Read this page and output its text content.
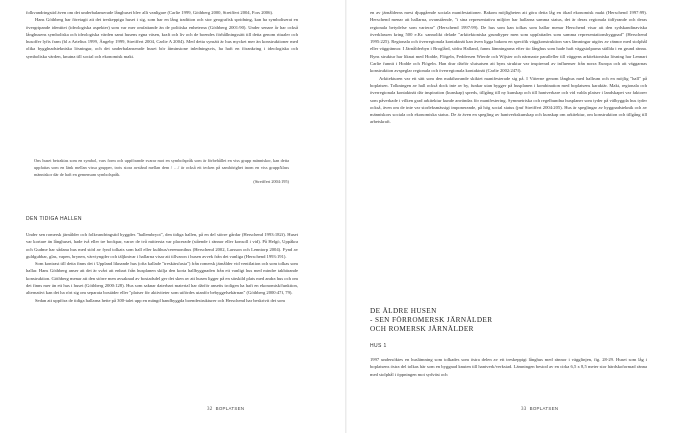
folkvandringstid även om det underbalanserade långhuset blev allt vanligare (Carlie 1999, Göthberg 2000, Streiffert 2004, Fors 2006).

Hans Göthberg har företagit att det treskeppiga huset i sig, som har en lång tradition och stor geografisk spridning, kan ha symboliserat en övergripande identitet (ideologiska aspekter) som var mer omfattande än de politiska enheterna (Göthberg 2001:90). Under senare år har också långhusens symboliska och ideologiska värden samt husens egna väsen, kraft och liv och de boendes förhållningssätt till detta genom ritualer och husoffer lyfts fram (bl a Artelius 1999, Ängeby 1999, Streiffert 2004, Carlie A 2004). Med detta synsätt är hus mycket mer än konstruktioner med olika bygglnadstekniska lösningar, och det underbalanserade huset bör åtminstone inledningsvis, ha haft en förankring i ideologiska och symboliska värden, knutna till social och ekonomisk makt.

Ons huset betraktas som en symbol, vars form och uppförande svarar mot en symbolspråk som är förbehållet en viss grupp människor, kan detta uppfattas som en länk mellan vissa grupper, trots stora avstånd mellan dem / …/ är också ett tecken på samhörighet inom en viss grupp/klass människor där de haft en gemensam symbolspråk.
(Streiffert 2004:195)
DEN TIDIGA HALLEN

Under sen romersk järnålder och folkvandringstid byggdes "hallembryot", den tidiga hallen, på en del större gårdar (Herschend 1993:182f). Huset var kortare än långhuset, hade två eller tre bockpar, varav de två mittersta var placerade (stående i rännor eller konsoll i vid). På Helgö, Uppåkra och Gudme har sådana hus med stöd av fynd tolkats som hall eller kulthus/ceremonihus (Herschend 2002, Larsson och Lenntorp 2004). Fynd av guldgubbar, glas, vapen, brynen, värvtyngder och täljknivar i hallarna visar att tillvaron i husen avvek från det vanliga (Herschend 1993:191).

Som kontrast till detta finns det i Uppland liknande hus (ofta kallade "treskärsfasta") från romersk järnålder vid ventilation och som tolkas som hallar. Hans Göthberg anser att det är svårt att enbart från husplanen skilja den korta hallbyggnaden från ett vanligt hus med mindre takbärande konstruktion. Göthberg menar att den större men avsaknad av bostadsdel ger det sken av att husen ligger på en särskild plats med andra hus och om det finns mer än ett hus i huset (Göthberg 2000:128). Hus som saknar daterbart material har därför ansetts troligen ha haft en ekonomisk/funktion, alternativt kan det ha rört sig om separata bostäder eller "platser för aktiviteter som utfördes utanför bebyggelsekärnan" (Göthberg 2000:47f, 79).

Sedan att uppföra de tidiga hallarna hette på 300-talet upp en mängd handbyggda boendestrukturer och Herschend har beskrivit det som

32 BOPLATSEN

en av järnålderns mest djupgående sociala manifestationer. Bakom möjligheten att göra detta låg en ökad ekonomisk makt (Herschend 1997:99). Herschend menar att hallarna, ovanstående, "i sina representativa miljöer har hallarna samma status, det är deras regionala tidfyrande och deras regionala betydelse som varierar" (Herschend 1997:99). De hus som kan tolkas som hallar menar Herschend visar att den sydskandinaviska överklassen kring 500 e.Kr. sannolikt delade "arkitektoniska grundtyper men som uppfattades som samma representationsbyggnad" (Herschend 1995:225). Regionala och överregionala kontaktnät kan även ligga bakom en specifik väggkonstruktion vars lämningar utgörs av rännor med stolphål eller väggrännor. I Järnålderbyn i Broglård, södra Halland, fanns lämningarna efter tio långhus som hade haft väggstolparna ställda i en grund ränna. Byns struktur har liknat med Hodde, Flögeln, Feddersen Wierde och Wijster och närmaste paralleller till väggens arkitektoniska lösning har Lennart Carlie funnit i Hodde och Flögeln. Han drar därför slutsatsen att byns struktur var inspirerad av influenser från norra Europa och att väggarnas konstruktion avspeglar regionala och överregionala kontaktnät (Carlie 2002:247f).

Arkitekturen var ett sätt som den makthavande skiktet manifesterade sig på. I Vitterne genom långhus med hallrum och en möjlig "hall" på boplatsen. Tolkningen av hall också dock inte av by, funkar utan bygger på husplanen i kombination med boplatsens karaktär. Makt, regionala och överregionala kontaktnät där inspiration (kunskap) spreds, tillgång till ny kunskap och till hantverkare och vid valda platser i landskapet var faktorer som påverkade i vilken grad arkitektur kunde användas för manifestering. Symmetriska och regelbundna husplaner som tyder på välbyggda hus tyder också, även om de inte var storleksmässigt imponerande, på hög social status (jmf Streiffert 2004:205). Hus är speglingar av byggnadsteknik och av människors sociala och ekonomiska status. De är även en spegling av hantverkskunskap och kunskap om arkitektur, om konstruktion och tillgång till arbetskraft.

DE ÄLDRE HUSEN
- SEN FÖRROMERSK JÄRNÅLDER
OCH ROMERSK JÄRNÅLDER
HUS 1

1997 undersöktes en huslämning som tolkades som östra delen av ett treskeppigt långhus med rännor i vägglinjen, fig. 28-29. Huset som låg i boplatsens östra del tolkas här som en byggnad knuten till hantverk/verkstad. Lämningen bestod av en cirka 6,5 x 8,5 meter stor härdskoformad ränna med stolphål i öppningen mot sydväst och

33 BOPLATSEN
